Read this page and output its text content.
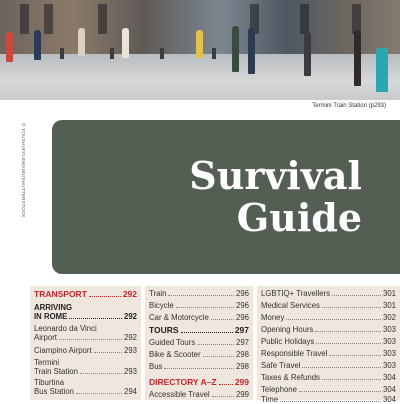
Termini Train Station (p293)
© YOUSHUFFLEMANN/SHUTTERSTOCK	Survival
Guide
TRANSPORT	292
ARRIVING
IN ROME	292
Leonardo da Vinci
Airport	292
Ciampino Airport	293
Termini
Train Station	293
Tiburtina
Bus Station	294
Train	296
Bicycle	296
Car & Motorcycle	296
TOURS	297
Guided Tours	297
Bike & Scooter	298
Bus	298
DIRECTORY A–Z 299
Accessible Travel	299
LGBTIQ+ Travellers	301
Medical Services	301
Money	302
Opening Hours	303
Public Holidays	303
Responsible Travel	303
Safe Travel	303
Taxes & Refunds	304
Telephone	304
Time	304
